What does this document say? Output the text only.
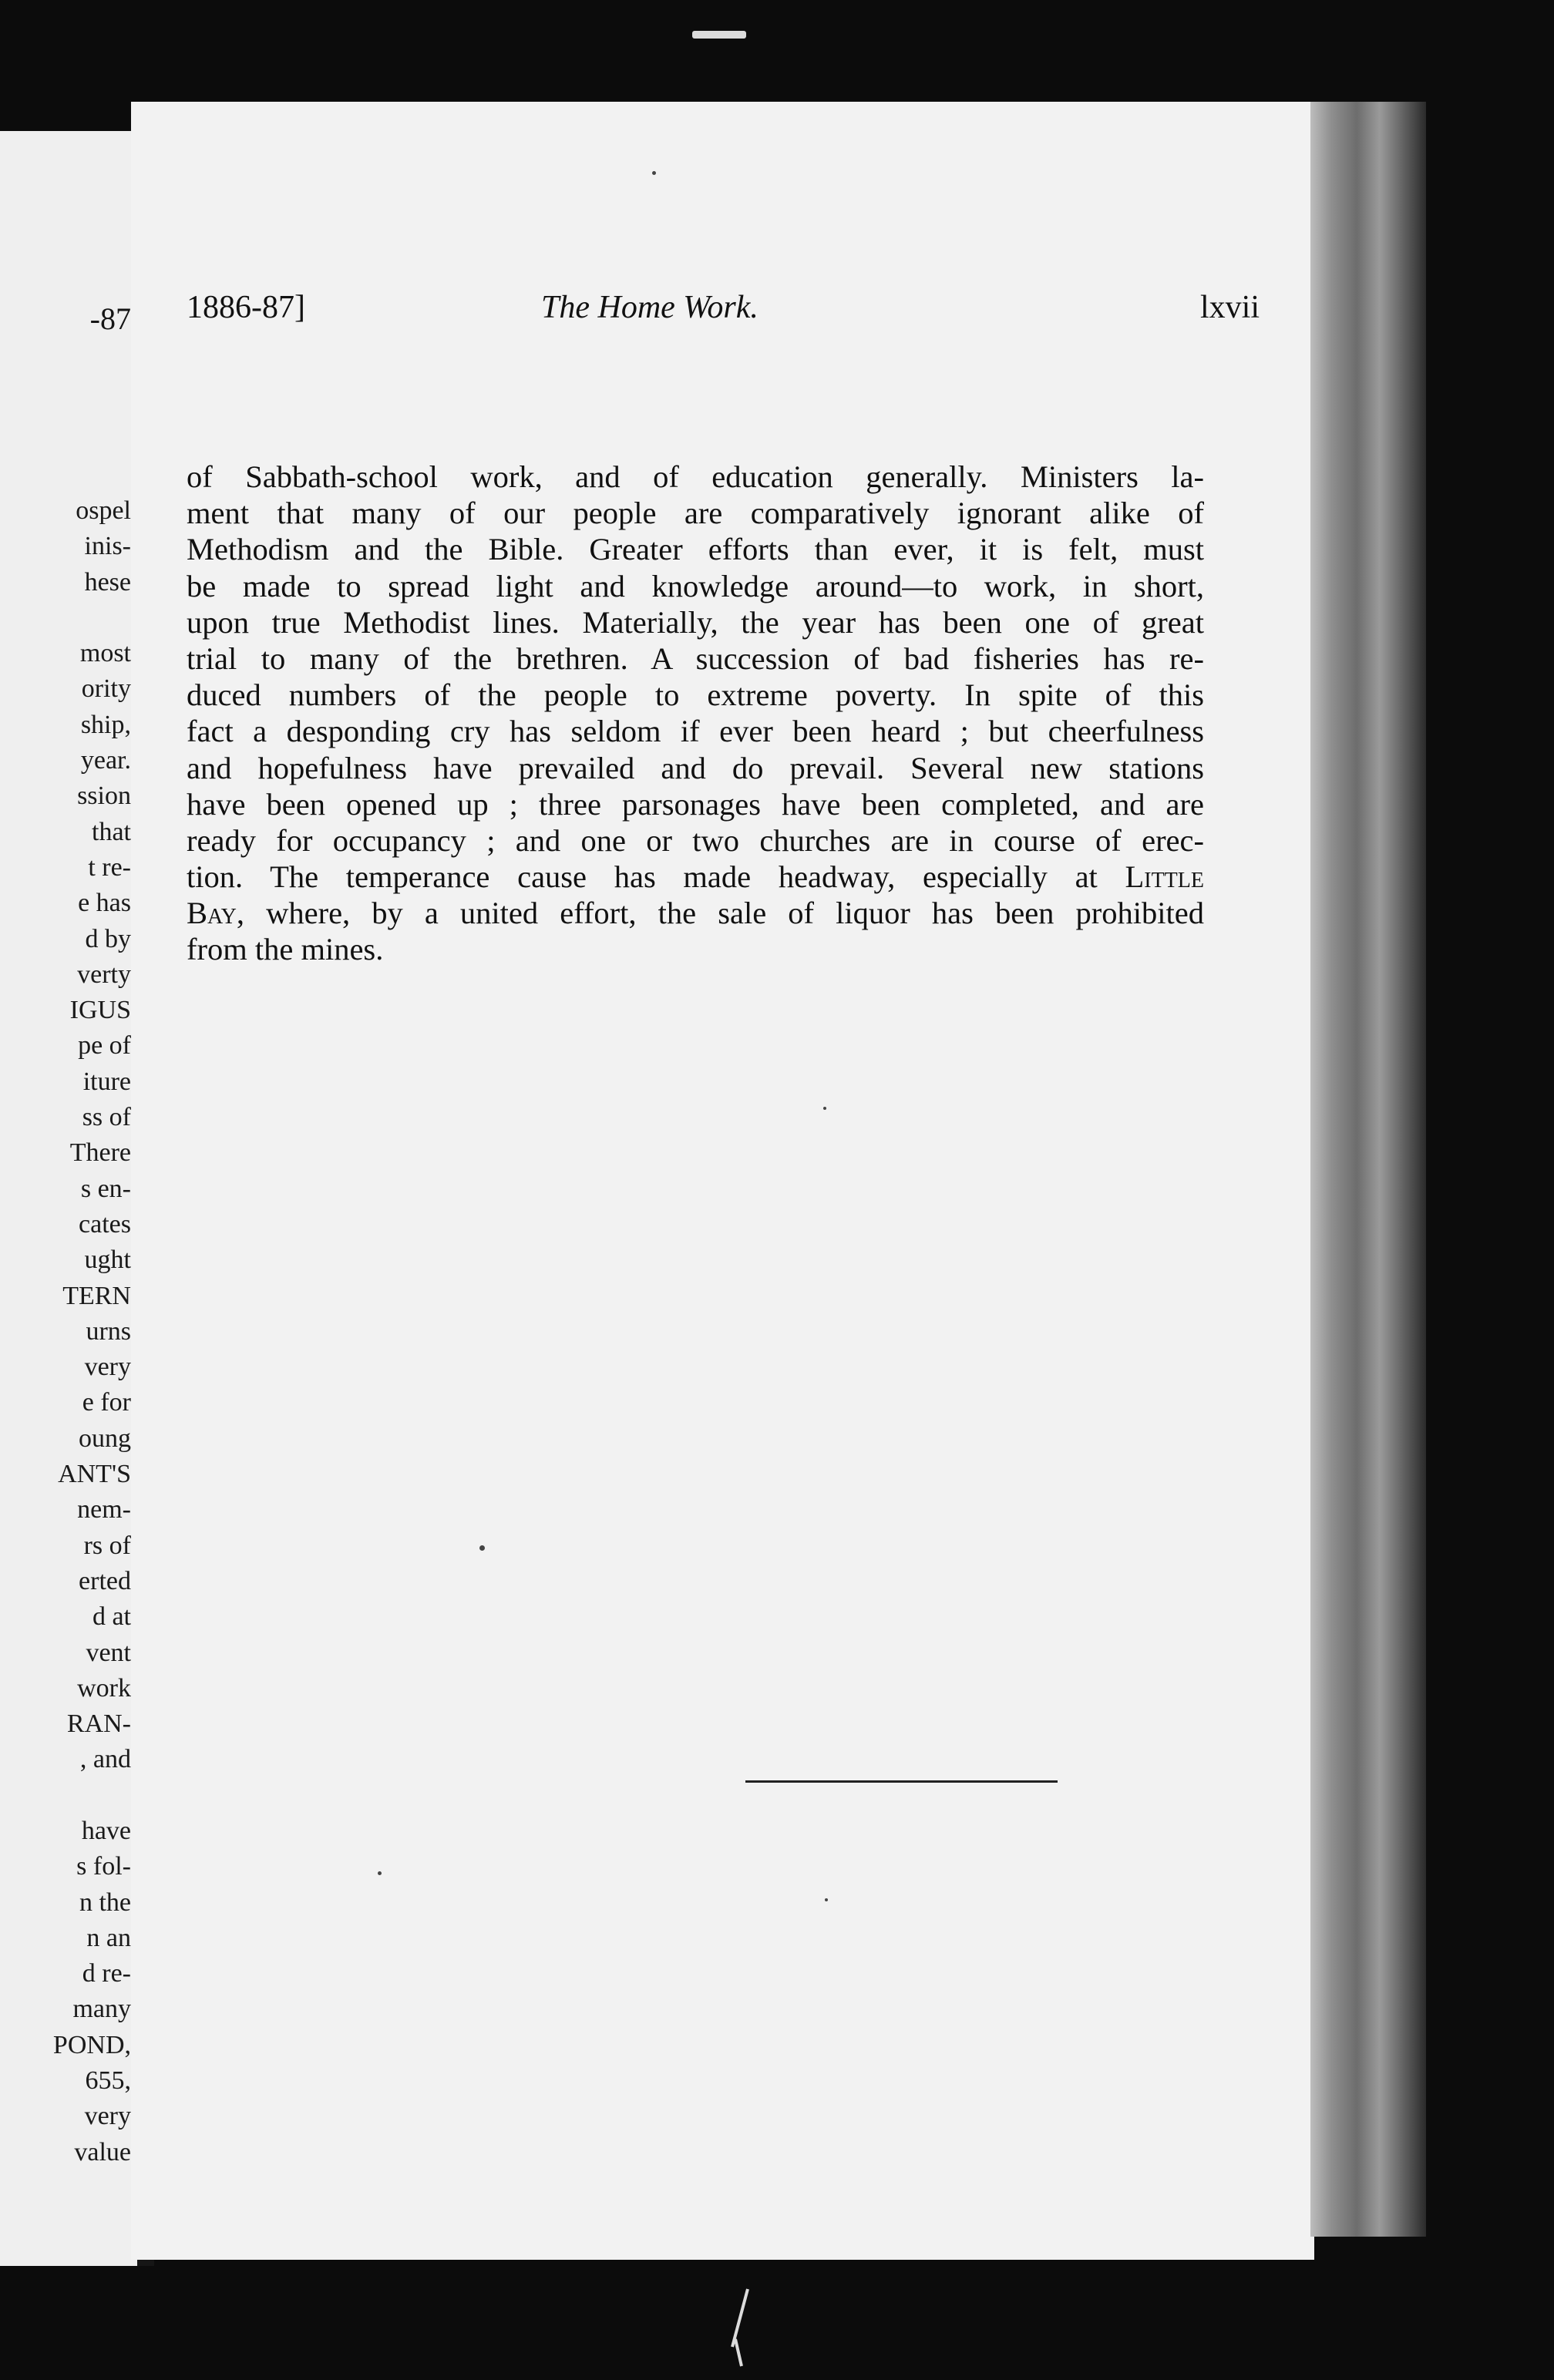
-87
ospel
inis-
hese
most
ority
ship,
year.
ssion
that
t re-
e has
d by
verty
IGUS
pe of
iture
ss of
There
s en-
cates
ught
TERN
urns
very
e for
oung
ANT'S
nem-
rs of
erted
d at
vent
work
RAN-
, and
have
s fol-
n the
n an
d re-
many
POND,
655,
very
value
1886-87]	The Home Work.	lxvii
of Sabbath-school work, and of education generally. Ministers la-
ment that many of our people are comparatively ignorant alike of
Methodism and the Bible. Greater efforts than ever, it is felt, must
be made to spread light and knowledge around—to work, in short,
upon true Methodist lines. Materially, the year has been one of great
trial to many of the brethren. A succession of bad fisheries has re-
duced numbers of the people to extreme poverty. In spite of this
fact a desponding cry has seldom if ever been heard ; but cheerfulness
and hopefulness have prevailed and do prevail. Several new stations
have been opened up ; three parsonages have been completed, and are
ready for occupancy ; and one or two churches are in course of erec-
tion. The temperance cause has made headway, especially at Little
Bay, where, by a united effort, the sale of liquor has been prohibited
from the mines.
